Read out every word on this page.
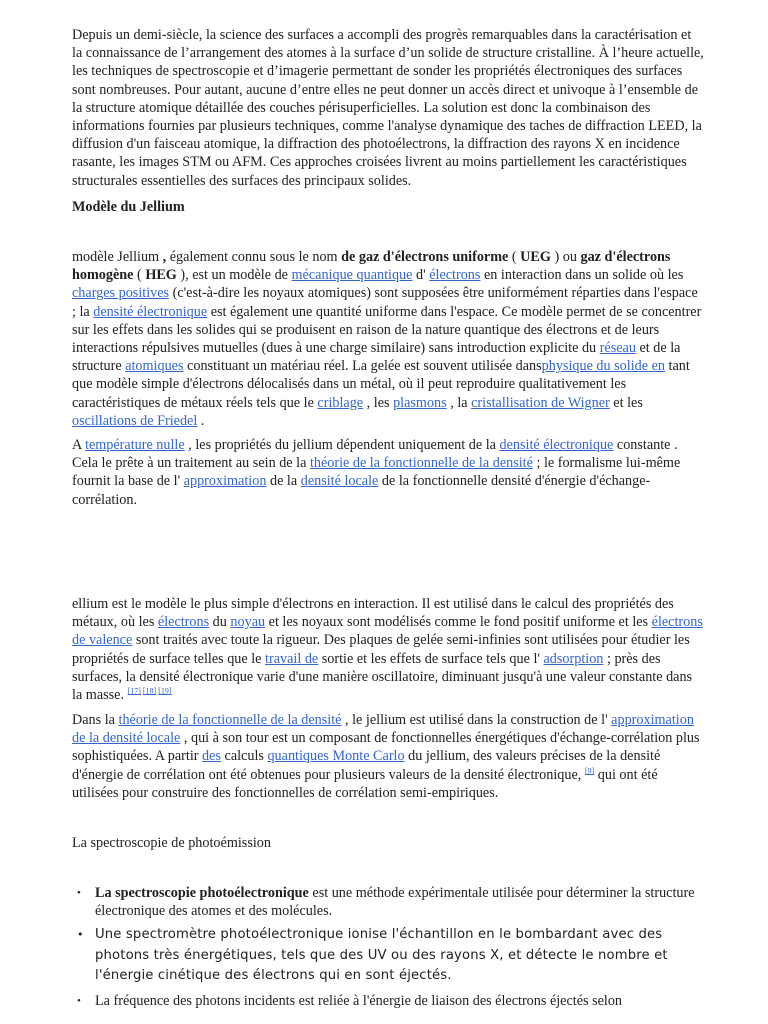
Depuis un demi-siècle, la science des surfaces a accompli des progrès remarquables dans la caractérisation et la connaissance de l’arrangement des atomes à la surface d’un solide de structure cristalline. À l’heure actuelle, les techniques de spectroscopie et d’imagerie permettant de sonder les propriétés électroniques des surfaces sont nombreuses. Pour autant, aucune d’entre elles ne peut donner un accès direct et univoque à l’ensemble de la structure atomique détaillée des couches périsuperficielles. La solution est donc la combinaison des informations fournies par plusieurs techniques, comme l'analyse dynamique des taches de diffraction LEED, la diffusion d'un faisceau atomique, la diffraction des photoélectrons, la diffraction des rayons X en incidence rasante, les images STM ou AFM. Ces approches croisées livrent au moins partiellement les caractéristiques structurales essentielles des surfaces des principaux solides.

Modèle du Jellium

modèle Jellium , également connu sous le nom de gaz d'électrons uniforme ( UEG ) ou gaz d'électrons homogène ( HEG ), est un modèle de mécanique quantique d' électrons en interaction dans un solide où les charges positives (c'est-à-dire les noyaux atomiques) sont supposées être uniformément réparties dans l'espace ; la densité électronique est également une quantité uniforme dans l'espace. Ce modèle permet de se concentrer sur les effets dans les solides qui se produisent en raison de la nature quantique des électrons et de leurs interactions répulsives mutuelles (dues à une charge similaire) sans introduction explicite du réseau et de la structure atomiques constituant un matériau réel. La gelée est souvent utilisée dansphysique du solide en tant que modèle simple d'électrons délocalisés dans un métal, où il peut reproduire qualitativement les caractéristiques de métaux réels tels que le criblage , les plasmons , la cristallisation de Wigner et les oscillations de Friedel .

A température nulle , les propriétés du jellium dépendent uniquement de la densité électronique constante . Cela le prête à un traitement au sein de la théorie de la fonctionnelle de la densité ; le formalisme lui-même fournit la base de l' approximation de la densité locale de la fonctionnelle densité d'énergie d'échange-corrélation.

ellium est le modèle le plus simple d'électrons en interaction. Il est utilisé dans le calcul des propriétés des métaux, où les électrons du noyau et les noyaux sont modélisés comme le fond positif uniforme et les électrons de valence sont traités avec toute la rigueur. Des plaques de gelée semi-infinies sont utilisées pour étudier les propriétés de surface telles que le travail de sortie et les effets de surface tels que l' adsorption ; près des surfaces, la densité électronique varie d'une manière oscillatoire, diminuant jusqu'à une valeur constante dans la masse. [17] [18] [19]

Dans la théorie de la fonctionnelle de la densité , le jellium est utilisé dans la construction de l' approximation de la densité locale , qui à son tour est un composant de fonctionnelles énergétiques d'échange-corrélation plus sophistiquées. A partir des calculs quantiques Monte Carlo du jellium, des valeurs précises de la densité d'énergie de corrélation ont été obtenues pour plusieurs valeurs de la densité électronique, [9] qui ont été utilisées pour construire des fonctionnelles de corrélation semi-empiriques.

La spectroscopie de photoémission

• La spectroscopie photoélectronique est une méthode expérimentale utilisée pour déterminer la structure électronique des atomes et des molécules.
• Une spectromètre photoélectronique ionise l'échantillon en le bombardant avec des photons très énergétiques, tels que des UV ou des rayons X, et détecte le nombre et l'énergie cinétique des électrons qui en sont éjectés.
• La fréquence des photons incidents est reliée à l'énergie de liaison des électrons éjectés selon
